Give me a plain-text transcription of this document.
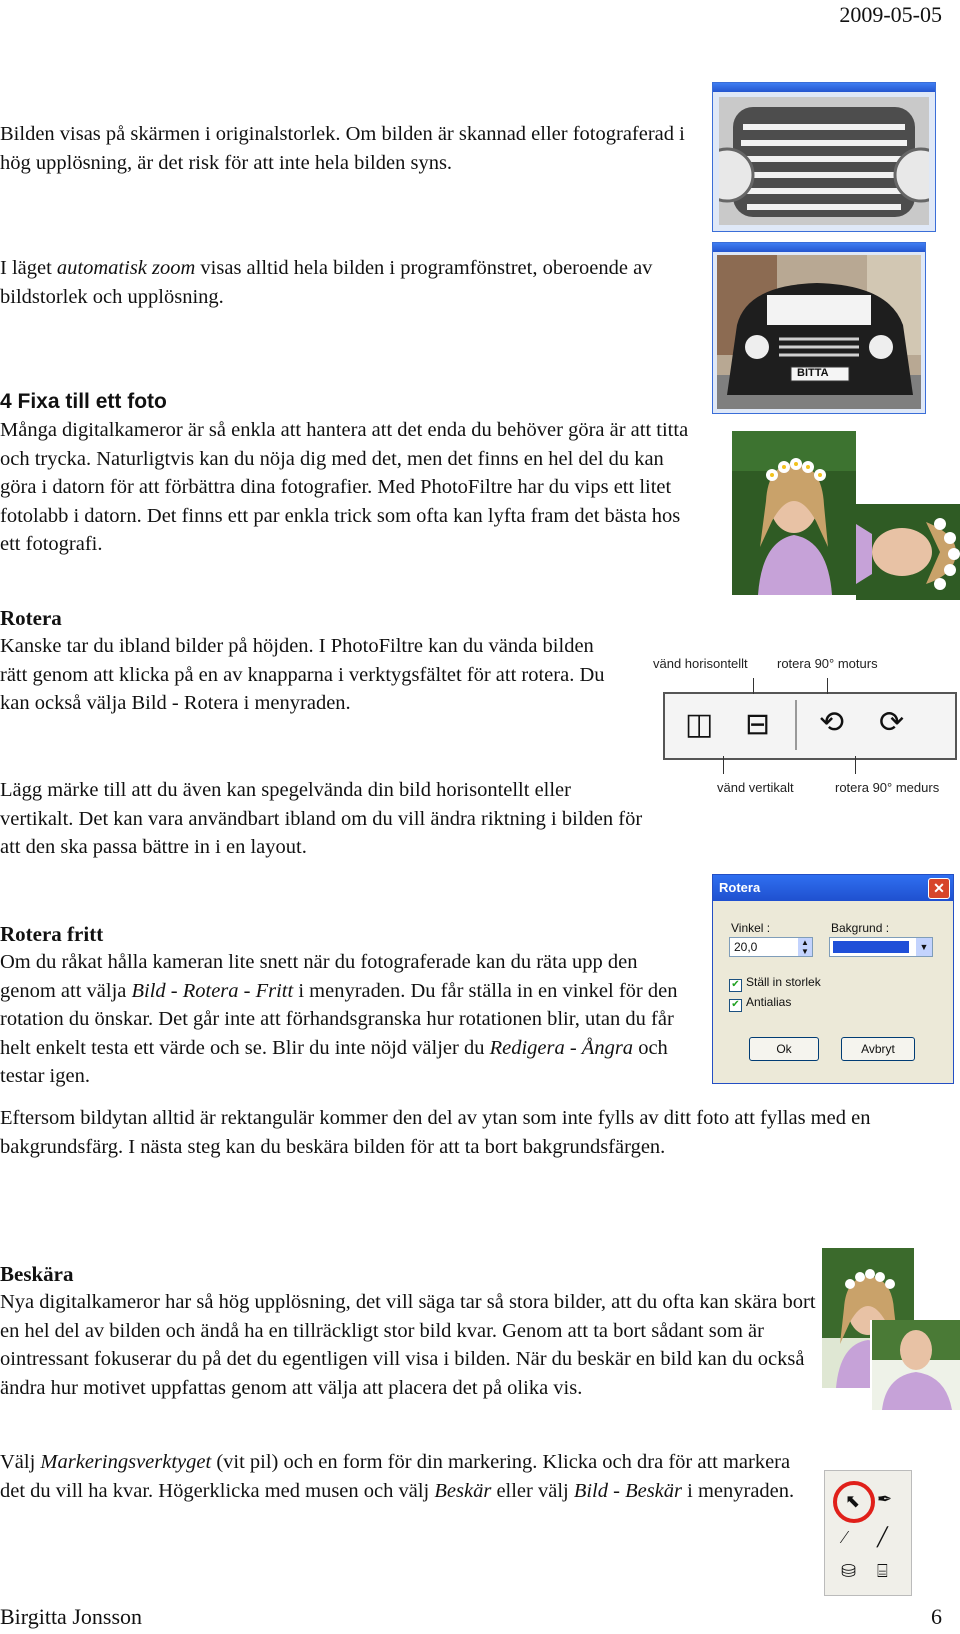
2009-05-05

Bilden visas på skärmen i originalstorlek. Om bilden är skannad eller fotograferad i hög upplösning, är det risk för att inte hela bilden syns.

I läget automatisk zoom visas alltid hela bilden i programfönstret, oberoende av bildstorlek och upplösning.

BITTA
4 Fixa till ett foto

Många digitalkameror är så enkla att hantera att det enda du behöver göra är att titta och trycka. Naturligtvis kan du nöja dig med det, men det finns en hel del du kan göra i datorn för att förbättra dina fotografier. Med PhotoFiltre har du vips ett litet fotolabb i datorn. Det finns ett par enkla trick som ofta kan lyfta fram det bästa hos ett fotografi.

Rotera

Kanske tar du ibland bilder på höjden. I PhotoFiltre kan du vända bilden rätt genom att klicka på en av knapparna i verktygsfältet för att rotera. Du kan också välja Bild - Rotera i menyraden.

Lägg märke till att du även kan spegelvända din bild horisontellt eller vertikalt. Det kan vara användbart ibland om du vill ändra riktning i bilden för att den ska passa bättre in i en layout.

vänd horisontellt rotera 90° moturs
◫ ⊟ ⟲ ⟳
vänd vertikalt	rotera 90° medurs
Rotera fritt

Om du råkat hålla kameran lite snett när du fotograferade kan du räta upp den genom att välja Bild - Rotera - Fritt i menyraden. Du får ställa in en vinkel för den rotation du önskar. Det går inte att förhandsgranska hur rotationen blir, utan du får helt enkelt testa ett värde och se. Blir du inte nöjd väljer du Redigera - Ångra och testar igen.

Rotera	✕
Vinkel :
20,0	▲
▼
Bakgrund :
▼
✔ Ställ in storlek
✔ Antialias
Ok	Avbryt

Eftersom bildytan alltid är rektangulär kommer den del av ytan som inte fylls av ditt foto att fyllas med en bakgrundsfärg. I nästa steg kan du beskära bilden för att ta bort bakgrundsfärgen.

Beskära

Nya digitalkameror har så hög upplösning, det vill säga tar så stora bilder, att du ofta kan skära bort en hel del av bilden och ändå ha en tillräckligt stor bild kvar. Genom att ta bort sådant som är ointressant fokuserar du på det du egentligen vill visa i bilden. När du beskär en bild kan du också ändra hur motivet uppfattas genom att välja att placera det på olika vis.

Välj Markeringsverktyget (vit pil) och en form för din markering. Klicka och dra för att markera det du vill ha kvar. Högerklicka med musen och välj Beskär eller välj Bild - Beskär i menyraden.	⬉ ✒
⁄ ╱
⛁ ⌸
Birgitta Jonsson	6
